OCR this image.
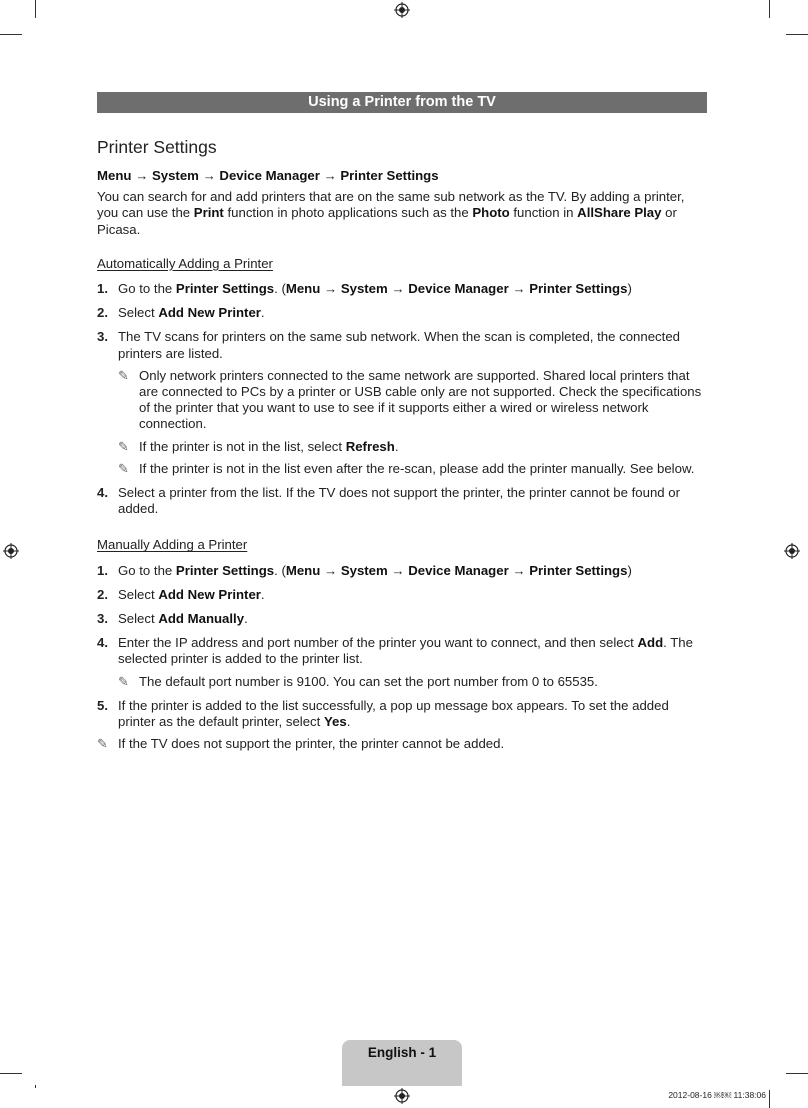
Using a Printer from the TV
Printer Settings

Menu → System → Device Manager → Printer Settings

You can search for and add printers that are on the same sub network as the TV. By adding a printer, you can use the Print function in photo applications such as the Photo function in AllShare Play or Picasa.

Automatically Adding a Printer
1. Go to the Printer Settings. (Menu → System → Device Manager → Printer Settings)
2. Select Add New Printer.
3. The TV scans for printers on the same sub network. When the scan is completed, the connected printers are listed.
✎ Only network printers connected to the same network are supported. Shared local printers that are connected to PCs by a printer or USB cable only are not supported. Check the specifications of the printer that you want to use to see if it supports either a wired or wireless network connection.
✎ If the printer is not in the list, select Refresh.
✎ If the printer is not in the list even after the re-scan, please add the printer manually. See below.
4. Select a printer from the list. If the TV does not support the printer, the printer cannot be found or added.
Manually Adding a Printer
1. Go to the Printer Settings. (Menu → System → Device Manager → Printer Settings)
2. Select Add New Printer.
3. Select Add Manually.
4. Enter the IP address and port number of the printer you want to connect, and then select Add. The selected printer is added to the printer list.
✎ The default port number is 9100. You can set the port number from 0 to 65535.
5. If the printer is added to the list successfully, a pop up message box appears. To set the added printer as the default printer, select Yes.
✎ If the TV does not support the printer, the printer cannot be added.
English - 1
2012-08-16 ￼￼ 11:38:06
